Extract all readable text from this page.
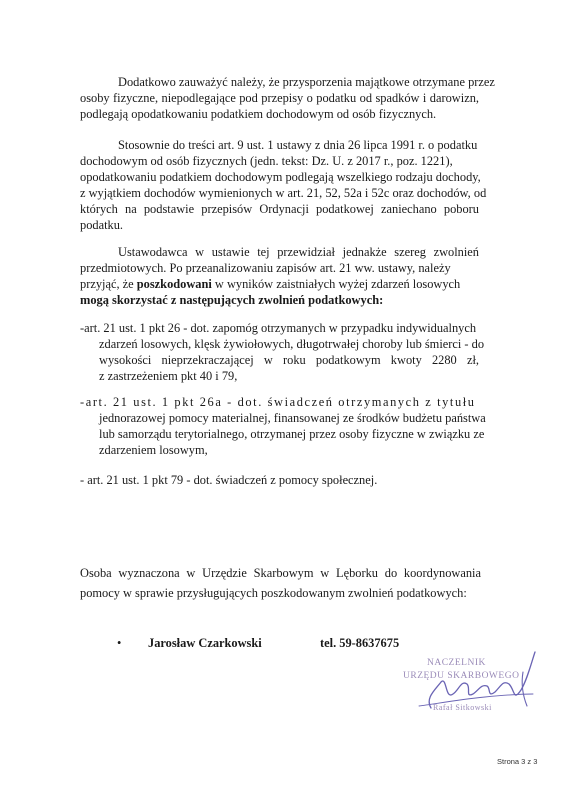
Dodatkowo zauważyć należy, że przysporzenia majątkowe otrzymane przez
osoby fizyczne, niepodlegające pod przepisy o podatku od spadków i darowizn,
podlegają opodatkowaniu podatkiem dochodowym od osób fizycznych.
Stosownie do treści art. 9 ust. 1 ustawy z dnia 26 lipca 1991 r. o podatku
dochodowym od osób fizycznych (jedn. tekst: Dz. U. z 2017 r., poz. 1221),
opodatkowaniu podatkiem dochodowym podlegają wszelkiego rodzaju dochody,
z wyjątkiem dochodów wymienionych w art. 21, 52, 52a i 52c oraz dochodów, od
których na podstawie przepisów Ordynacji podatkowej zaniechano poboru
podatku.
Ustawodawca w ustawie tej przewidział jednakże szereg zwolnień
przedmiotowych. Po przeanalizowaniu zapisów art. 21 ww. ustawy, należy
przyjąć, że poszkodowani w wyników zaistniałych wyżej zdarzeń losowych
mogą skorzystać z następujących zwolnień podatkowych:
-art. 21 ust. 1 pkt 26 - dot. zapomóg otrzymanych w przypadku indywidualnych
zdarzeń losowych, klęsk żywiołowych, długotrwałej choroby lub śmierci - do
wysokości nieprzekraczającej w roku podatkowym kwoty 2280 zł,
z zastrzeżeniem pkt 40 i 79,
-art. 21 ust. 1 pkt 26a - dot. świadczeń otrzymanych z tytułu
jednorazowej pomocy materialnej, finansowanej ze środków budżetu państwa
lub samorządu terytorialnego, otrzymanej przez osoby fizyczne w związku ze
zdarzeniem losowym,
- art. 21 ust. 1 pkt 79 - dot. świadczeń z pomocy społecznej.
Osoba wyznaczona w Urzędzie Skarbowym w Lęborku do koordynowania
pomocy w sprawie przysługujących poszkodowanym zwolnień podatkowych:
• Jarosław Czarkowski	tel. 59-8637675
NACZELNIK
URZĘDU SKARBOWEGO
Rafał Sitkowski
Strona 3 z 3
